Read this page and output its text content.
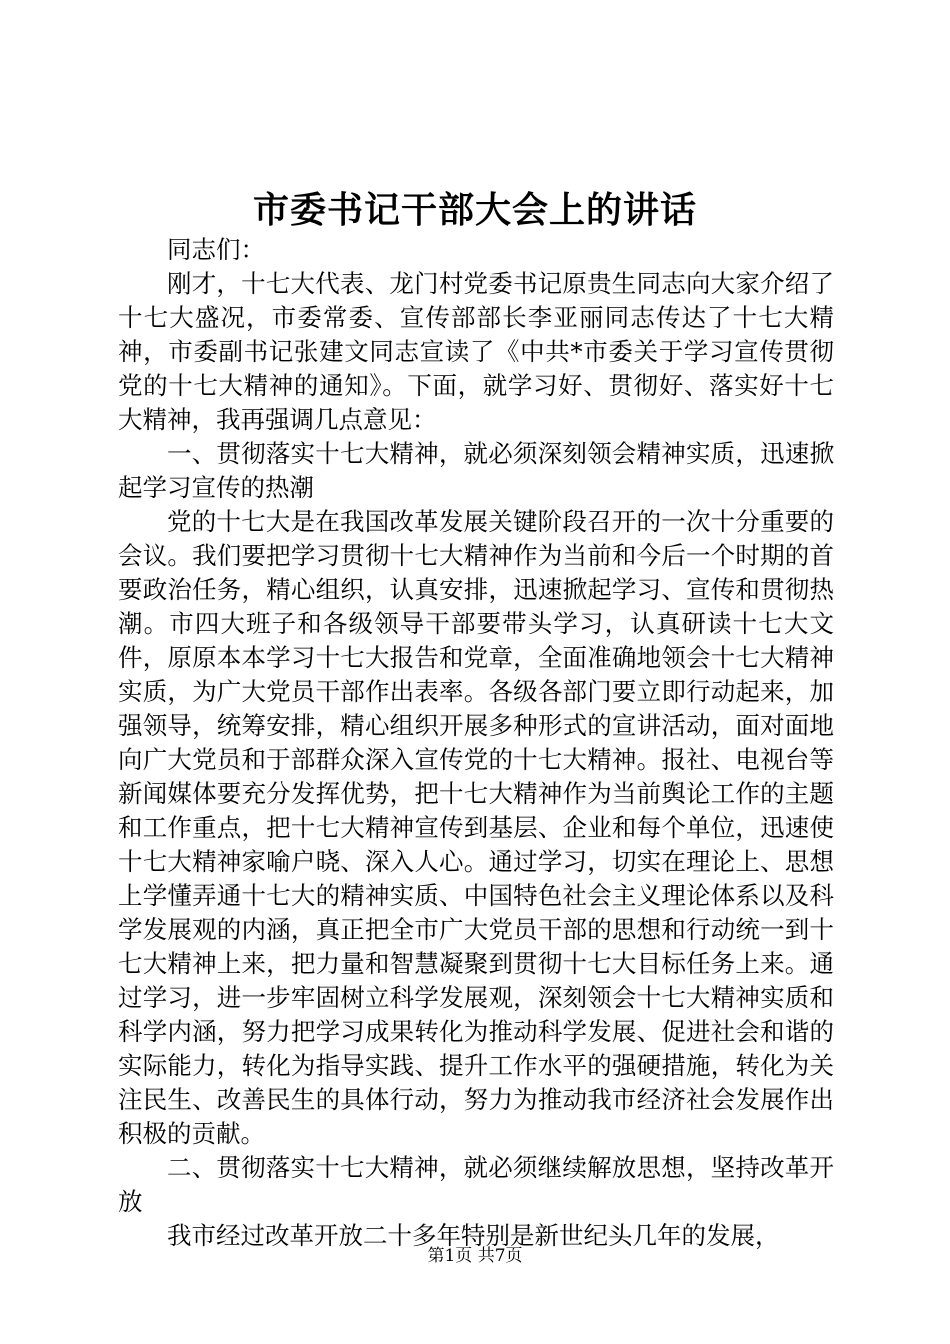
市委书记干部大会上的讲话

同志们：

刚才，十七大代表、龙门村党委书记原贵生同志向大家介绍了十七大盛况，市委常委、宣传部部长李亚丽同志传达了十七大精神，市委副书记张建文同志宣读了《中共*市委关于学习宣传贯彻党的十七大精神的通知》。下面，就学习好、贯彻好、落实好十七大精神，我再强调几点意见：

一、贯彻落实十七大精神，就必须深刻领会精神实质，迅速掀起学习宣传的热潮

党的十七大是在我国改革发展关键阶段召开的一次十分重要的会议。我们要把学习贯彻十七大精神作为当前和今后一个时期的首要政治任务，精心组织，认真安排，迅速掀起学习、宣传和贯彻热潮。市四大班子和各级领导干部要带头学习，认真研读十七大文件，原原本本学习十七大报告和党章，全面准确地领会十七大精神实质，为广大党员干部作出表率。各级各部门要立即行动起来，加强领导，统筹安排，精心组织开展多种形式的宣讲活动，面对面地向广大党员和于部群众深入宣传党的十七大精神。报社、电视台等新闻媒体要充分发挥优势，把十七大精神作为当前舆论工作的主题和工作重点，把十七大精神宣传到基层、企业和每个单位，迅速使十七大精神家喻户晓、深入人心。通过学习，切实在理论上、思想上学懂弄通十七大的精神实质、中国特色社会主义理论体系以及科学发展观的内涵，真正把全市广大党员干部的思想和行动统一到十七大精神上来，把力量和智慧凝聚到贯彻十七大目标任务上来。通过学习，进一步牢固树立科学发展观，深刻领会十七大精神实质和科学内涵，努力把学习成果转化为推动科学发展、促进社会和谐的实际能力，转化为指导实践、提升工作水平的强硬措施，转化为关注民生、改善民生的具体行动，努力为推动我市经济社会发展作出积极的贡献。

二、贯彻落实十七大精神，就必须继续解放思想，坚持改革开放

我市经过改革开放二十多年特别是新世纪头几年的发展，

第1页 共7页
